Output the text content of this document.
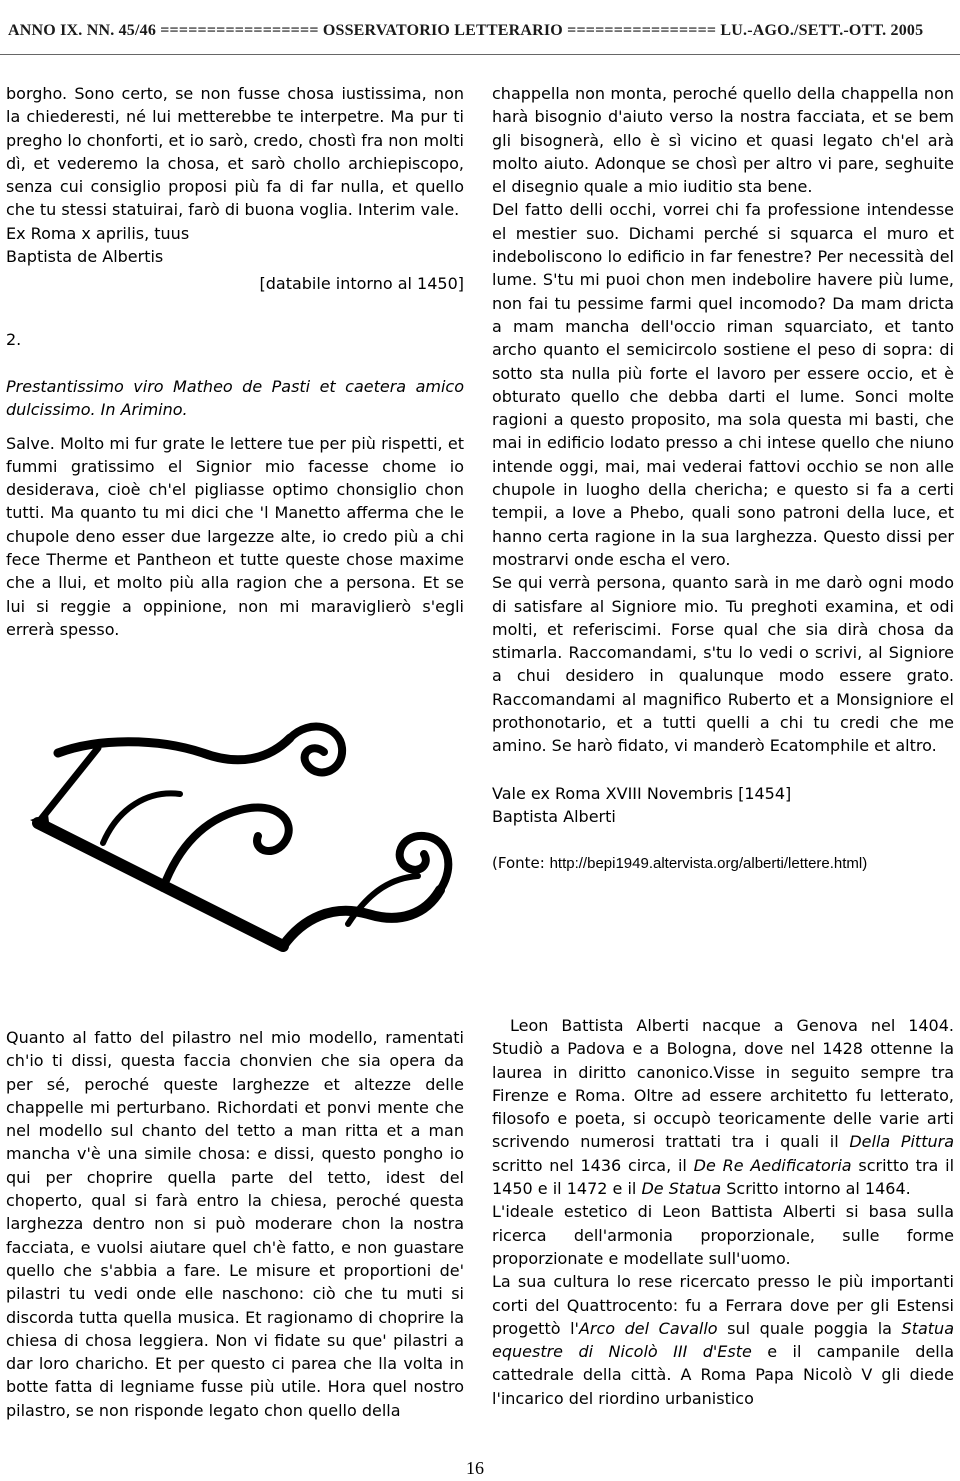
ANNO IX. NN. 45/46 ================= OSSERVATORIO LETTERARIO ================ LU.-AGO./SETT.-OTT. 2005

borgho. Sono certo, se non fusse chosa iustissima, non la chiederesti, né lui metterebbe te interpetre. Ma pur ti pregho lo chonforti, et io sarò, credo, chostì fra non molti dì, et vederemo la chosa, et sarò chollo archiepiscopo, senza cui consiglio proposi più fa di far nulla, et quello che tu stessi statuirai, farò di buona voglia. Interim vale.

Ex Roma x aprilis, tuus

Baptista de Albertis

[databile intorno al 1450]

2.

Prestantissimo viro Matheo de Pasti et caetera amico dulcissimo. In Arimino.

Salve. Molto mi fur grate le lettere tue per più rispetti, et fummi gratissimo el Signior mio facesse chome io desiderava, cioè ch'el pigliasse optimo chonsiglio chon tutti. Ma quanto tu mi dici che 'l Manetto afferma che le chupole deno esser due largezze alte, io credo più a chi fece Therme et Pantheon et tutte queste chose maxime che a llui, et molto più alla ragion che a persona. Et se lui si reggie a oppinione, non mi maraviglierò s'egli errerà spesso.

chappella non monta, peroché quello della chappella non harà bisognio d'aiuto verso la nostra facciata, et se bem gli bisognerà, ello è sì vicino et quasi legato ch'el arà molto aiuto. Adonque se chosì per altro vi pare, seghuite el disegnio quale a mio iuditio sta bene.

Del fatto delli occhi, vorrei chi fa professione intendesse el mestier suo. Dichami perché si squarca el muro et indeboliscono lo edificio in far fenestre? Per necessità del lume. S'tu mi puoi chon men indebolire havere più lume, non fai tu pessime farmi quel incomodo? Da mam dricta a mam mancha dell'occio riman squarciato, et tanto archo quanto el semicircolo sostiene el peso di sopra: di sotto sta nulla più forte el lavoro per essere occio, et è obturato quello che debba darti el lume. Sonci molte ragioni a questo proposito, ma sola questa mi basti, che mai in edificio lodato presso a chi intese quello che niuno intende oggi, mai, mai vederai fattovi occhio se non alle chupole in luogho della chericha; e questo si fa a certi tempii, a Iove a Phebo, quali sono patroni della luce, et hanno certa ragione in la sua larghezza. Questo dissi per mostrarvi onde escha el vero.

Se qui verrà persona, quanto sarà in me darò ogni modo di satisfare al Signiore mio. Tu preghoti examina, et odi molti, et referiscimi. Forse qual che sia dirà chosa da stimarla. Raccomandami, s'tu lo vedi o scrivi, al Signiore a chui desidero in qualunque modo essere grato. Raccomandami al magnifico Ruberto et a Monsigniore el prothonotario, et a tutti quelli a chi tu credi che me amino. Se harò fidato, vi manderò Ecatomphile et altro.

Vale ex Roma XVIII Novembris [1454]

Baptista Alberti

(Fonte: http://bepi1949.altervista.org/alberti/lettere.html)

Quanto al fatto del pilastro nel mio modello, ramentati ch'io ti dissi, questa faccia chonvien che sia opera da per sé, peroché queste larghezze et altezze delle chappelle mi perturbano. Richordati et ponvi mente che nel modello sul chanto del tetto a man ritta et a man mancha v'è una simile chosa: e dissi, questo pongho io qui per choprire quella parte del tetto, idest del choperto, qual si farà entro la chiesa, peroché questa larghezza dentro non si può moderare chon la nostra facciata, e vuolsi aiutare quel ch'è fatto, e non guastare quello che s'abbia a fare. Le misure et proportioni de' pilastri tu vedi onde elle naschono: ciò che tu muti si discorda tutta quella musica. Et ragionamo di choprire la chiesa di chosa leggiera. Non vi fidate su que' pilastri a dar loro charicho. Et per questo ci parea che lla volta in botte fatta di legniame fusse più utile. Hora quel nostro pilastro, se non risponde legato chon quello della

Leon Battista Alberti nacque a Genova nel 1404. Studiò a Padova e a Bologna, dove nel 1428 ottenne la laurea in diritto canonico.Visse in seguito sempre tra Firenze e Roma. Oltre ad essere architetto fu letterato, filosofo e poeta, si occupò teoricamente delle varie arti scrivendo numerosi trattati tra i quali il Della Pittura scritto nel 1436 circa, il De Re Aedificatoria scritto tra il 1450 e il 1472 e il De Statua Scritto intorno al 1464.

L'ideale estetico di Leon Battista Alberti si basa sulla ricerca dell'armonia proporzionale, sulle forme proporzionate e modellate sull'uomo.

La sua cultura lo rese ricercato presso le più importanti corti del Quattrocento: fu a Ferrara dove per gli Estensi progettò l'Arco del Cavallo sul quale poggia la Statua equestre di Nicolò III d'Este e il campanile della cattedrale della città. A Roma Papa Nicolò V gli diede l'incarico del riordino urbanistico

16
